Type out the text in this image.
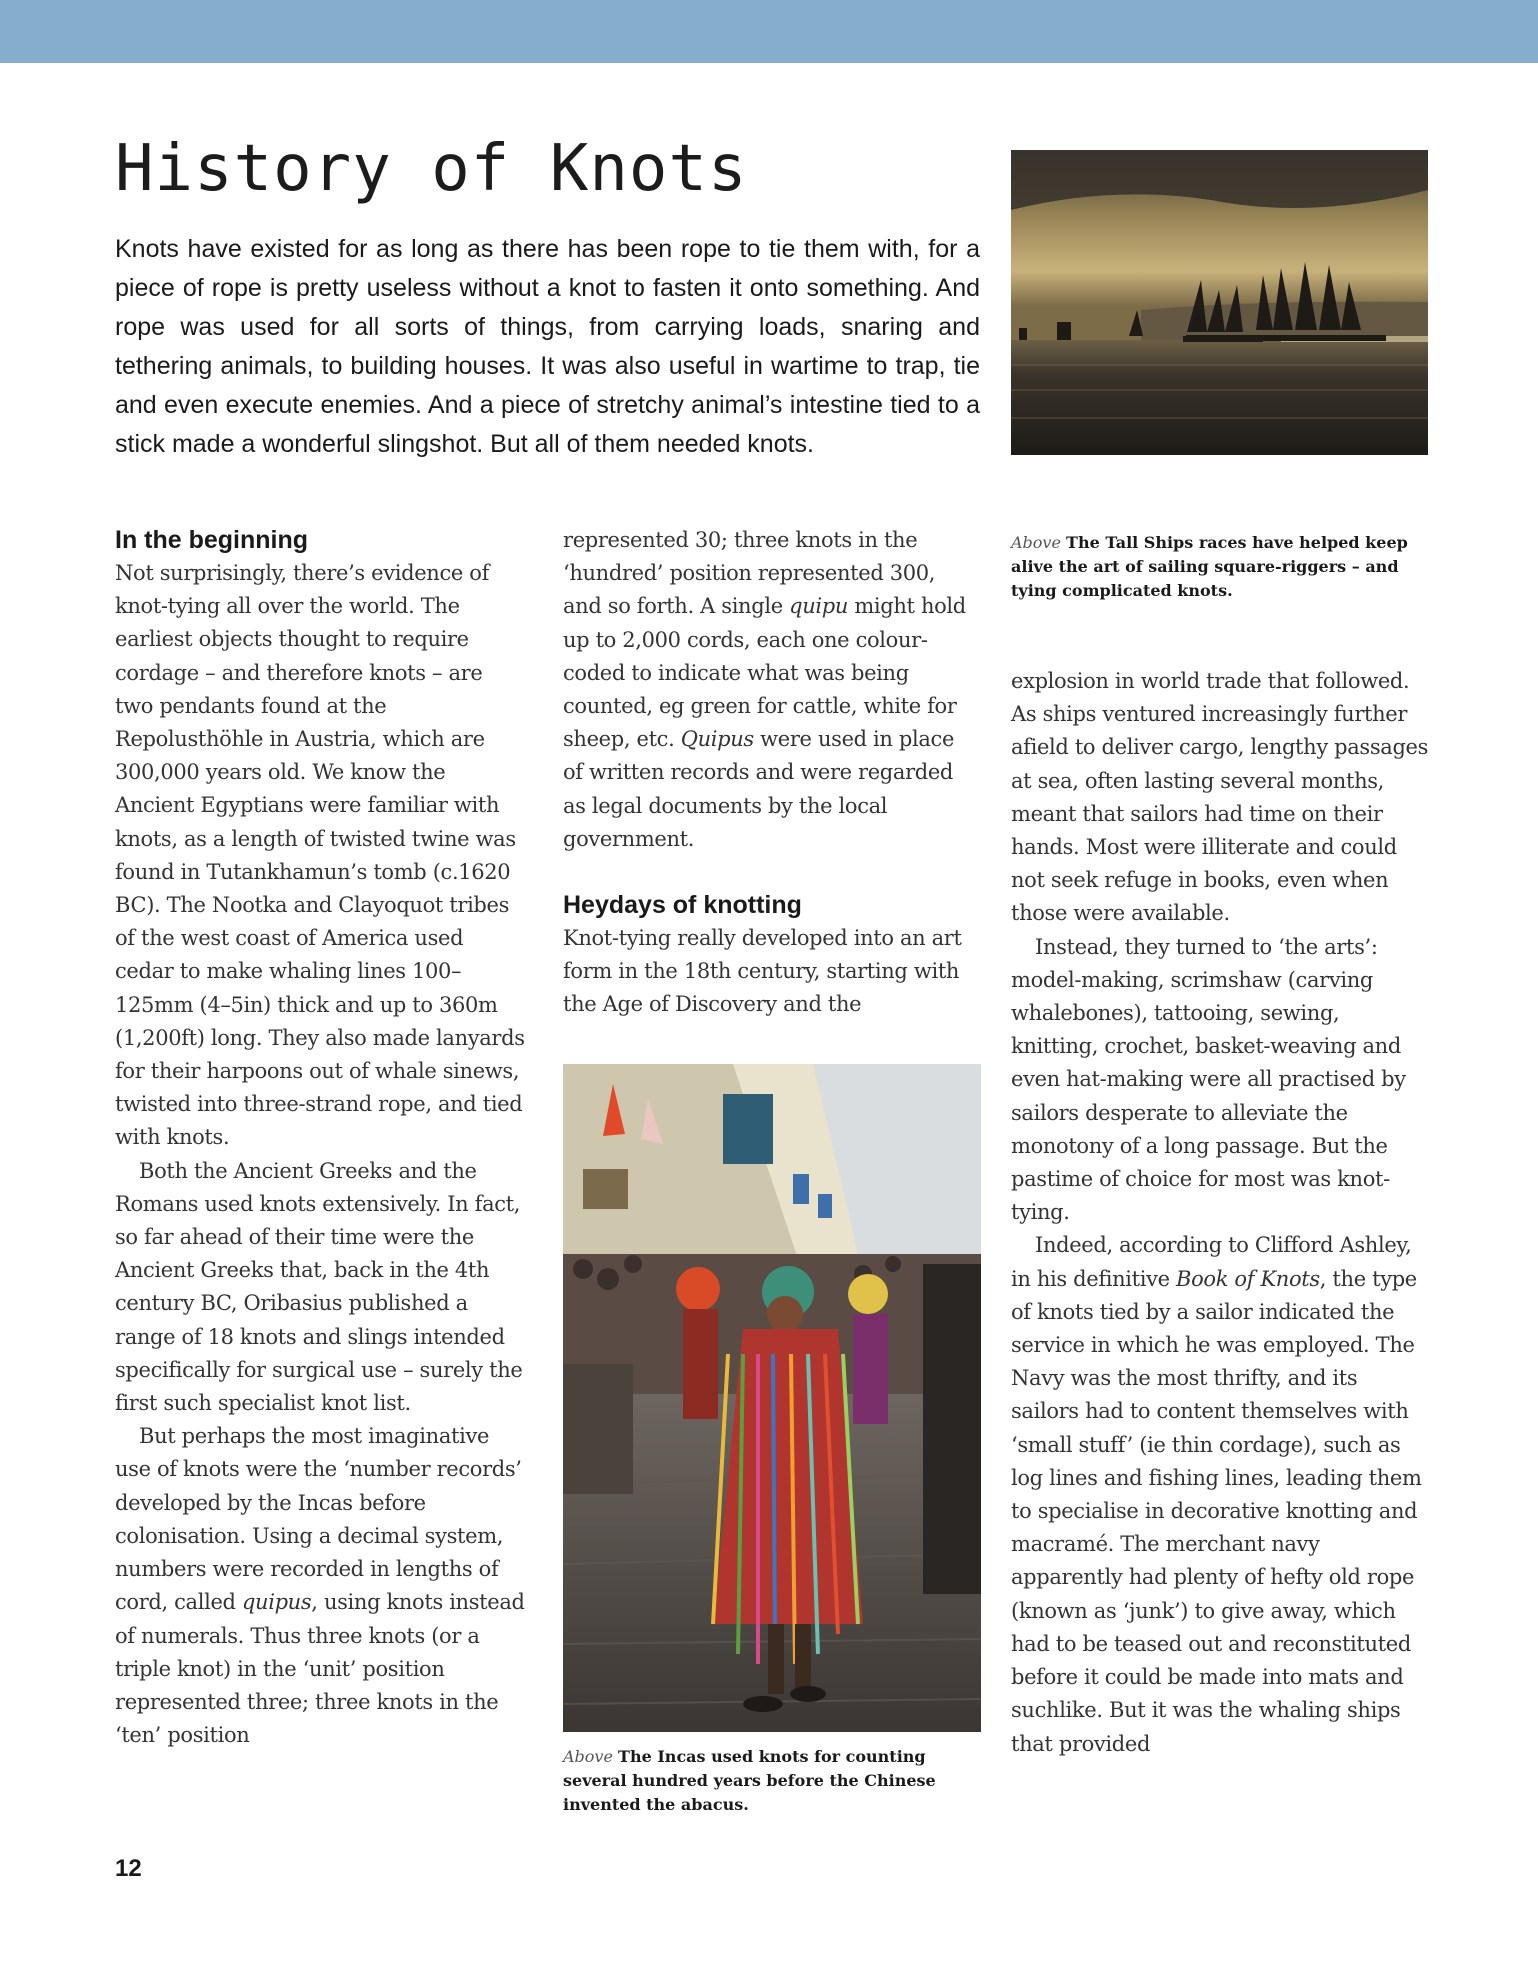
History of Knots

Knots have existed for as long as there has been rope to tie them with, for a piece of rope is pretty useless without a knot to fasten it onto something. And rope was used for all sorts of things, from carrying loads, snaring and tethering animals, to building houses. It was also useful in wartime to trap, tie and even execute enemies. And a piece of stretchy animal’s intestine tied to a stick made a wonderful slingshot. But all of them needed knots.

Above The Tall Ships races have helped keep alive the art of sailing square-riggers – and tying complicated knots.
In the beginning

Not surprisingly, there’s evidence of knot-tying all over the world. The earliest objects thought to require cordage – and therefore knots – are two pendants found at the Repolusthöhle in Austria, which are 300,000 years old. We know the Ancient Egyptians were familiar with knots, as a length of twisted twine was found in Tutankhamun’s tomb (c.1620 BC). The Nootka and Clayoquot tribes of the west coast of America used cedar to make whaling lines 100–125mm (4–5in) thick and up to 360m (1,200ft) long. They also made lanyards for their harpoons out of whale sinews, twisted into three-strand rope, and tied with knots.

Both the Ancient Greeks and the Romans used knots extensively. In fact, so far ahead of their time were the Ancient Greeks that, back in the 4th century BC, Oribasius published a range of 18 knots and slings intended specifically for surgical use – surely the first such specialist knot list.

But perhaps the most imaginative use of knots were the ‘number records’ developed by the Incas before colonisation. Using a decimal system, numbers were recorded in lengths of cord, called quipus, using knots instead of numerals. Thus three knots (or a triple knot) in the ‘unit’ position represented three; three knots in the ‘ten’ position

represented 30; three knots in the ‘hundred’ position represented 300, and so forth. A single quipu might hold up to 2,000 cords, each one colour-coded to indicate what was being counted, eg green for cattle, white for sheep, etc. Quipus were used in place of written records and were regarded as legal documents by the local government.

Heydays of knotting

Knot-tying really developed into an art form in the 18th century, starting with the Age of Discovery and the

Above The Incas used knots for counting several hundred years before the Chinese invented the abacus.

explosion in world trade that followed. As ships ventured increasingly further afield to deliver cargo, lengthy passages at sea, often lasting several months, meant that sailors had time on their hands. Most were illiterate and could not seek refuge in books, even when those were available.

Instead, they turned to ‘the arts’: model-making, scrimshaw (carving whalebones), tattooing, sewing, knitting, crochet, basket-weaving and even hat-making were all practised by sailors desperate to alleviate the monotony of a long passage. But the pastime of choice for most was knot-tying.

Indeed, according to Clifford Ashley, in his definitive Book of Knots, the type of knots tied by a sailor indicated the service in which he was employed. The Navy was the most thrifty, and its sailors had to content themselves with ‘small stuff’ (ie thin cordage), such as log lines and fishing lines, leading them to specialise in decorative knotting and macramé. The merchant navy apparently had plenty of hefty old rope (known as ‘junk’) to give away, which had to be teased out and reconstituted before it could be made into mats and suchlike. But it was the whaling ships that provided

12
